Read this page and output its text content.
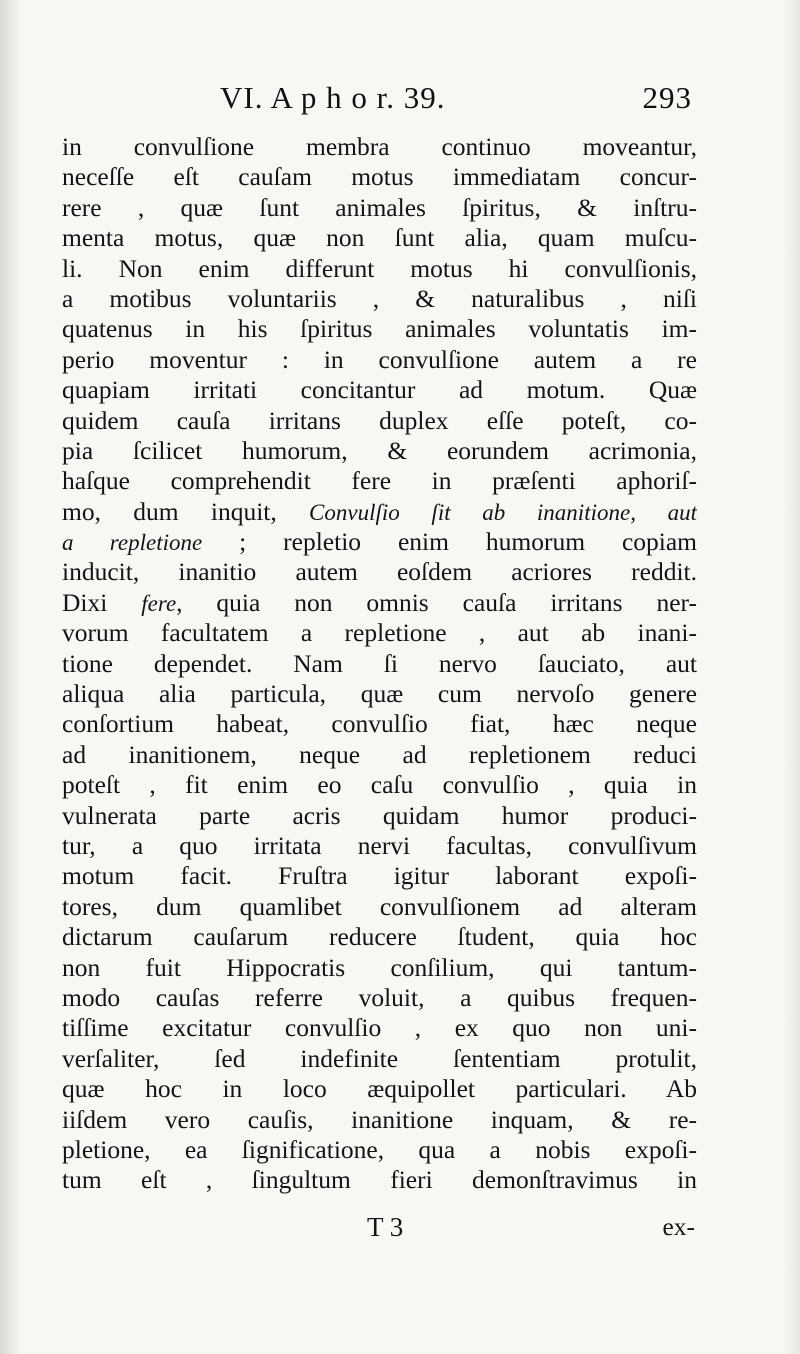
VI. A p h o r. 39.	293
in convulſione membra continuo moveantur,
neceſſe eſt cauſam motus immediatam concur-
rere , quæ ſunt animales ſpiritus, & inſtru-
menta motus, quæ non ſunt alia, quam muſcu-
li. Non enim differunt motus hi convulſionis,
a motibus voluntariis , & naturalibus , niſi
quatenus in his ſpiritus animales voluntatis im-
perio moventur : in convulſione autem a re
quapiam irritati concitantur ad motum. Quæ
quidem cauſa irritans duplex eſſe poteſt, co-
pia ſcilicet humorum, & eorundem acrimonia,
haſque comprehendit fere in præſenti aphoriſ-
mo, dum inquit, Convulſio ſit ab inanitione, aut
a repletione ; repletio enim humorum copiam
inducit, inanitio autem eoſdem acriores reddit.
Dixi fere, quia non omnis cauſa irritans ner-
vorum facultatem a repletione , aut ab inani-
tione dependet. Nam ſi nervo ſauciato, aut
aliqua alia particula, quæ cum nervoſo genere
conſortium habeat, convulſio fiat, hæc neque
ad inanitionem, neque ad repletionem reduci
poteſt , fit enim eo caſu convulſio , quia in
vulnerata parte acris quidam humor produci-
tur, a quo irritata nervi facultas, convulſivum
motum facit. Fruſtra igitur laborant expoſi-
tores, dum quamlibet convulſionem ad alteram
dictarum cauſarum reducere ſtudent, quia hoc
non fuit Hippocratis conſilium, qui tantum-
modo cauſas referre voluit, a quibus frequen-
tiſſime excitatur convulſio , ex quo non uni-
verſaliter, ſed indefinite ſententiam protulit,
quæ hoc in loco æquipollet particulari. Ab
iiſdem vero cauſis, inanitione inquam, & re-
pletione, ea ſignificatione, qua a nobis expoſi-
tum eſt , ſingultum fieri demonſtravimus in
T 3	ex-
